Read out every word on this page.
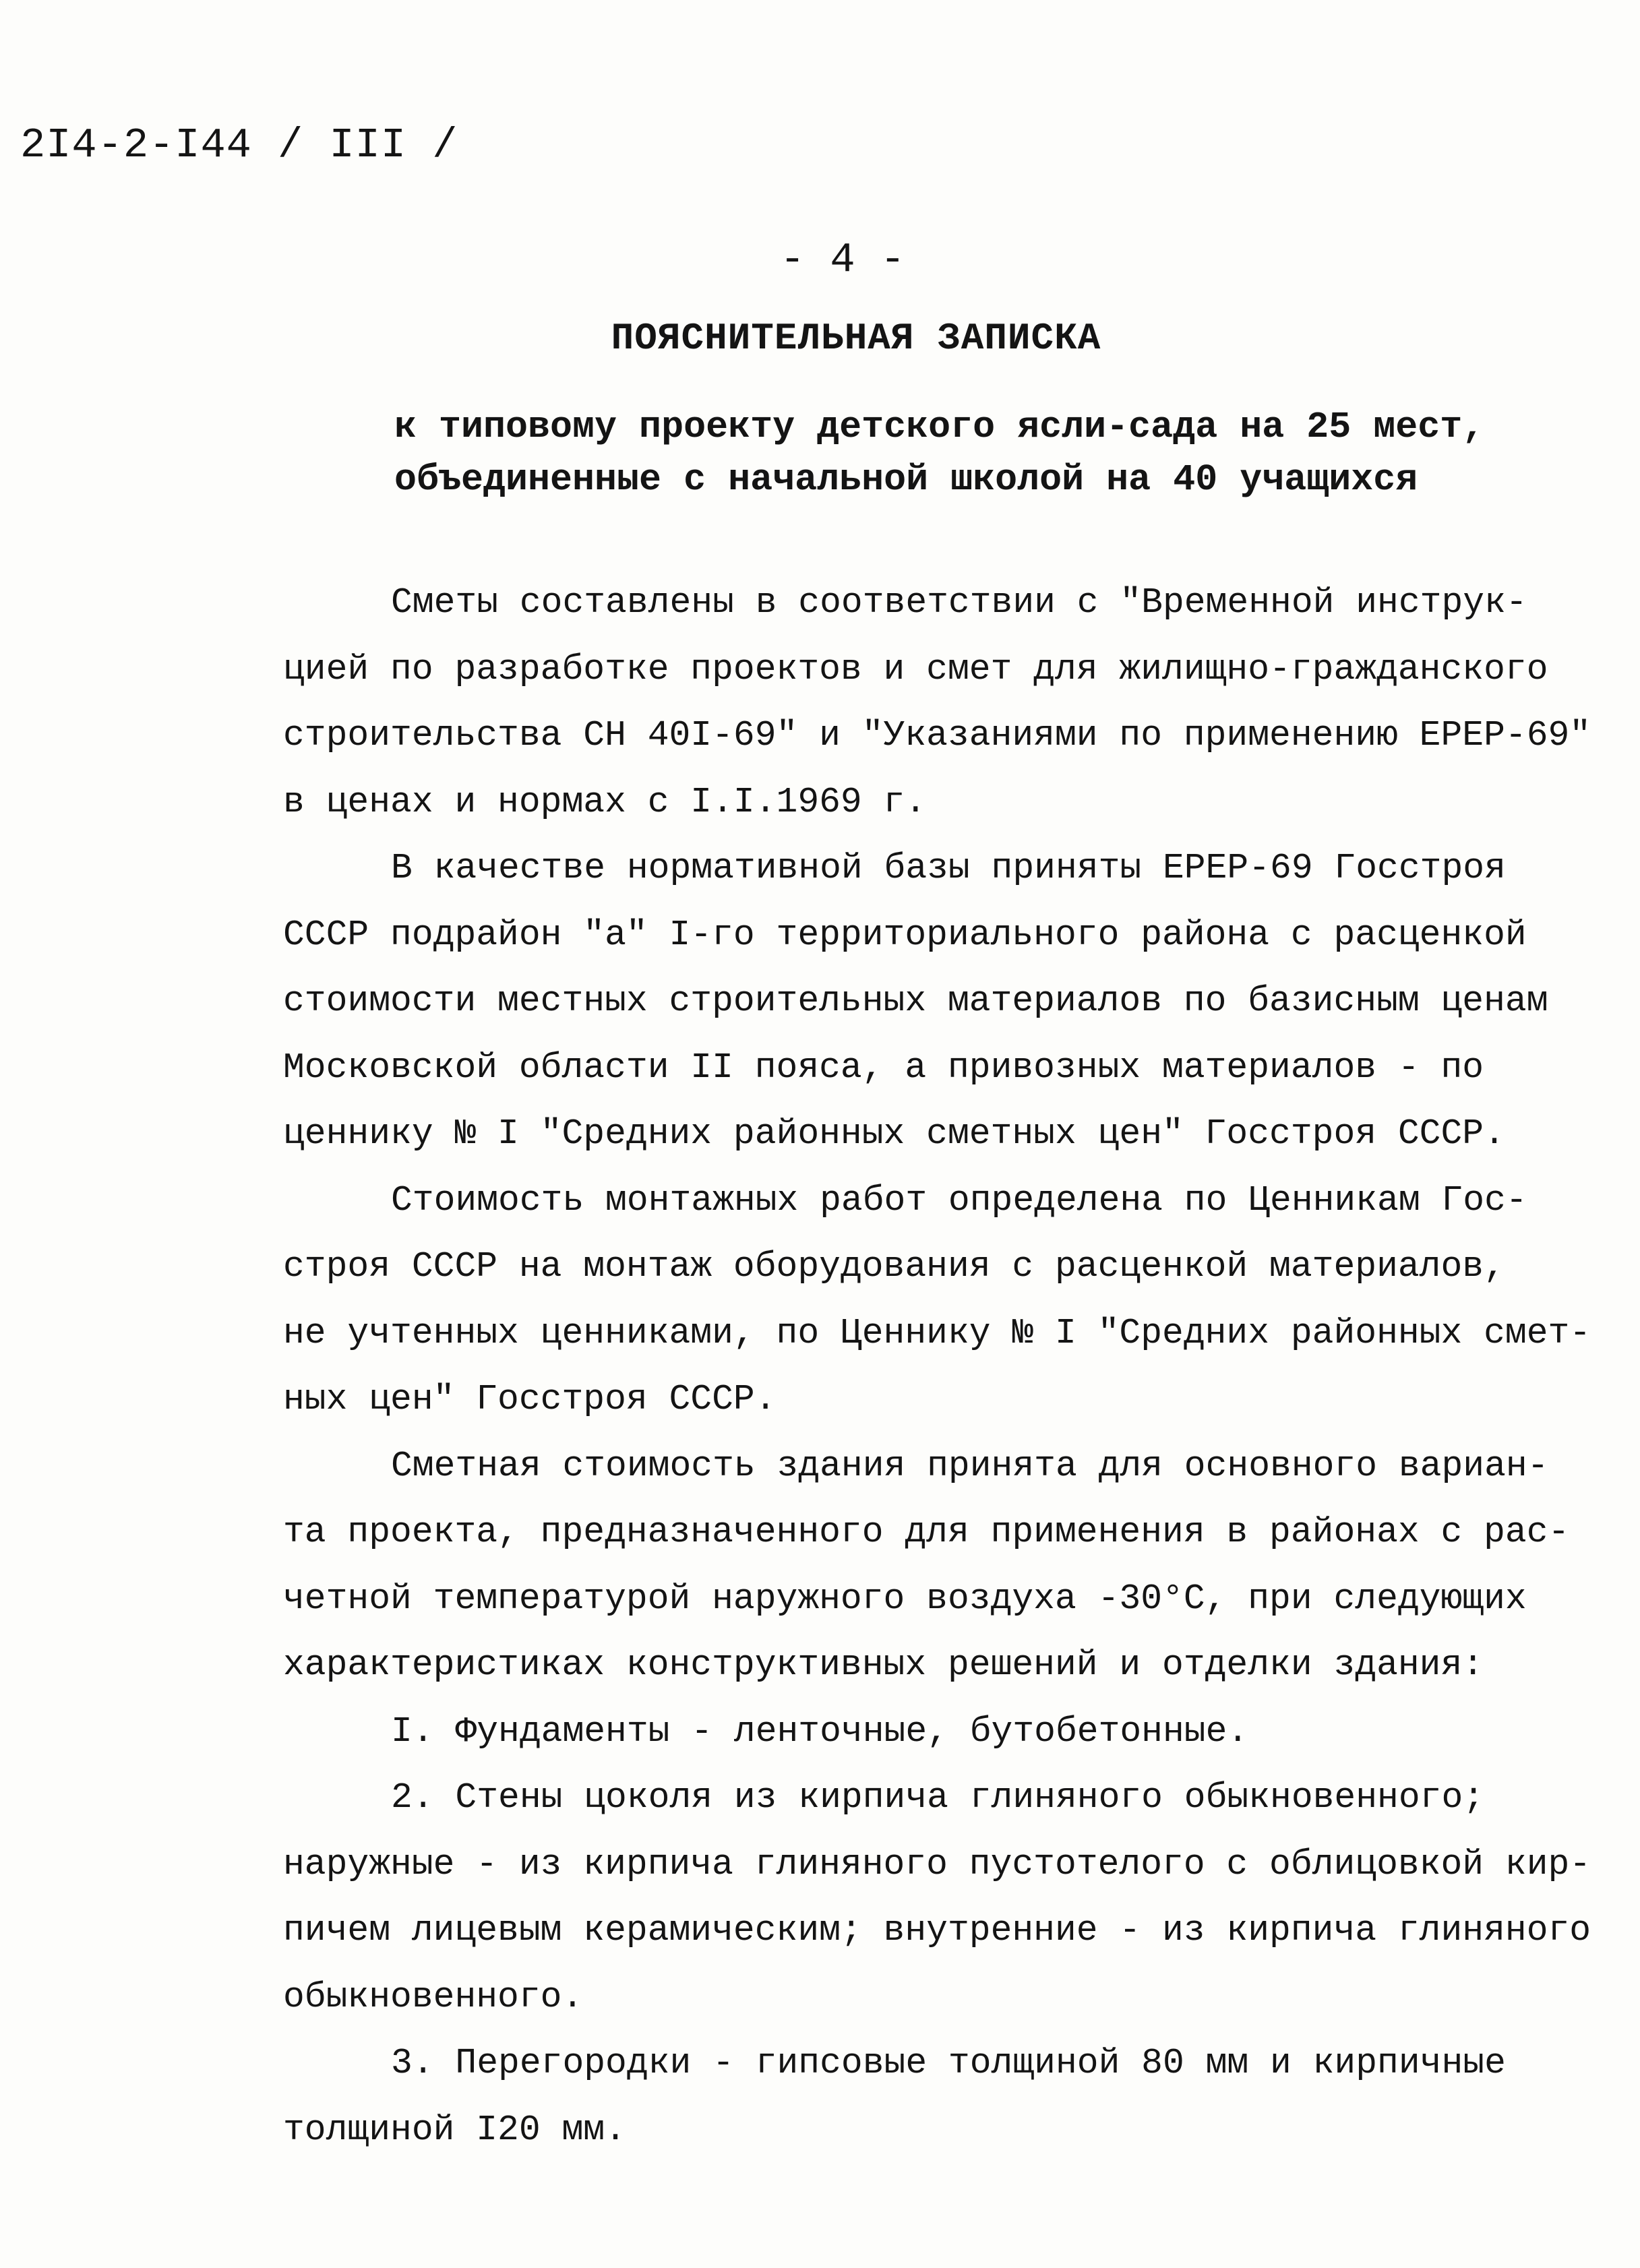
2I4-2-I44 / III /
- 4 -
ПОЯСНИТЕЛЬНАЯ ЗАПИСКА
к типовому проекту детского ясли-сада на 25 мест,
объединенные с начальной школой на 40 учащихся
Сметы составлены в соответствии с "Временной инструк-
цией по разработке проектов и смет для жилищно-гражданского
строительства СН 40I-69" и "Указаниями по применению ЕРЕР-69"
в ценах и нормах с I.I.1969 г.
В качестве нормативной базы приняты ЕРЕР-69 Госстроя
СССР подрайон "а" I-го территориального района с расценкой
стоимости местных строительных материалов по базисным ценам
Московской области II пояса, а привозных материалов - по
ценнику № I "Средних районных сметных цен" Госстроя СССР.
Стоимость монтажных работ определена по Ценникам Гос-
строя СССР на монтаж оборудования с расценкой материалов,
не учтенных ценниками, по Ценнику № I "Средних районных смет-
ных цен" Госстроя СССР.
Сметная стоимость здания принята для основного вариан-
та проекта, предназначенного для применения в районах с рас-
четной температурой наружного воздуха -30°С, при следующих
характеристиках конструктивных решений и отделки здания:
I. Фундаменты - ленточные, бутобетонные.
2. Стены цоколя из кирпича глиняного обыкновенного;
наружные - из кирпича глиняного пустотелого с облицовкой кир-
пичем лицевым керамическим; внутренние - из кирпича глиняного
обыкновенного.
3. Перегородки - гипсовые толщиной 80 мм и кирпичные
толщиной I20 мм.
